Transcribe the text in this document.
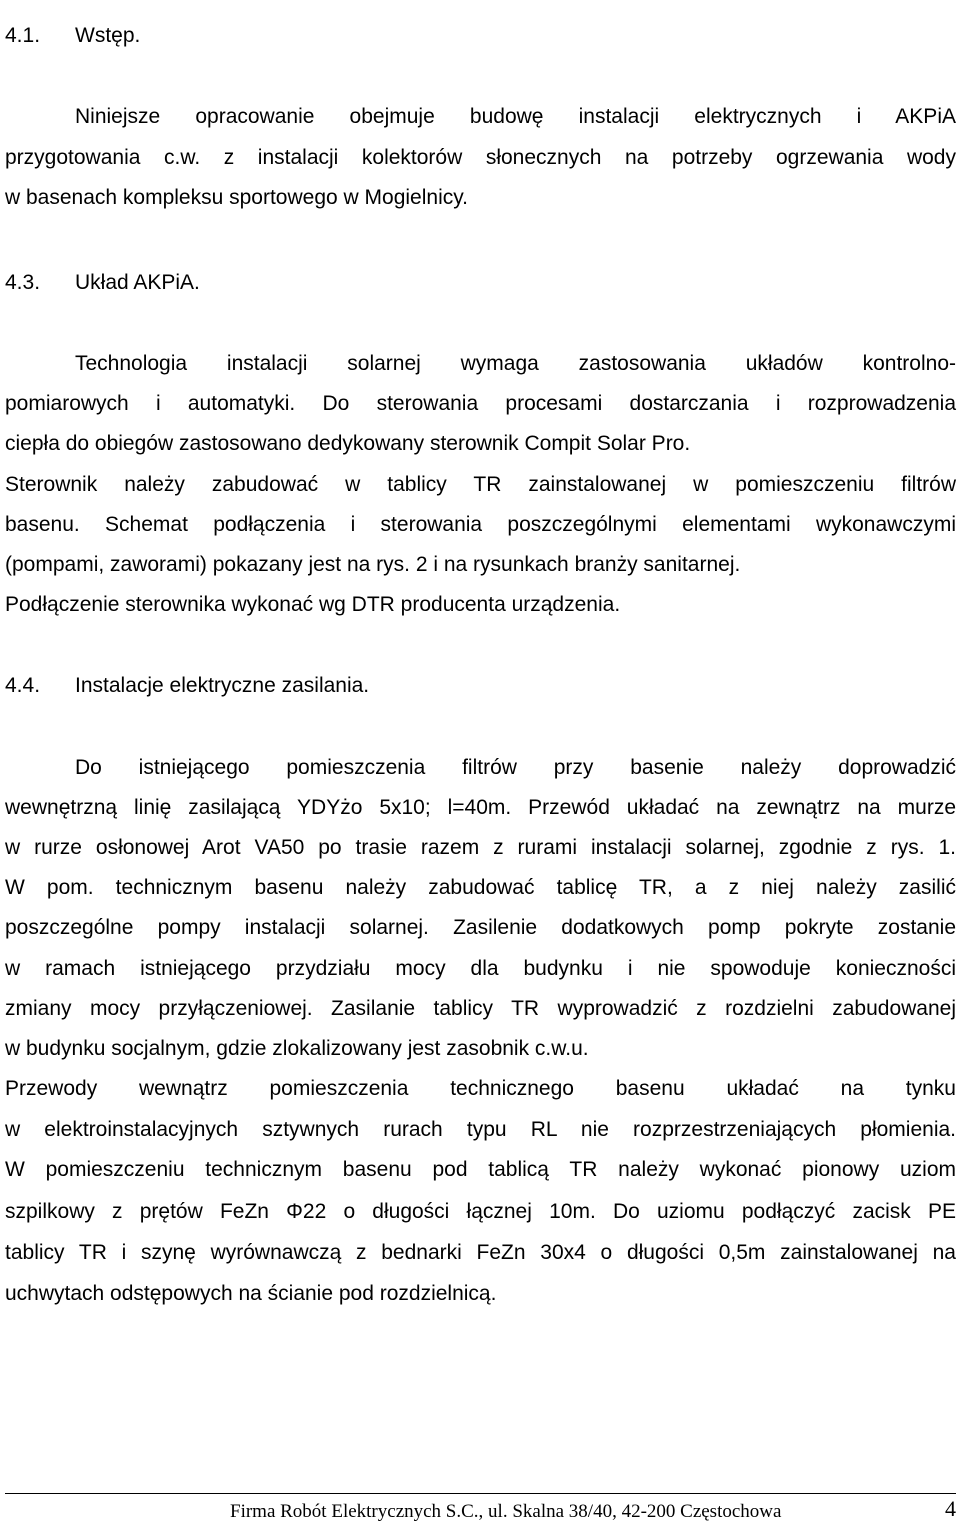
4.1. Wstęp.
Niniejsze opracowanie obejmuje budowę instalacji elektrycznych i AKPiA
przygotowania c.w. z instalacji kolektorów słonecznych na potrzeby ogrzewania wody
w basenach kompleksu sportowego w Mogielnicy.
4.3. Układ AKPiA.
Technologia instalacji solarnej wymaga zastosowania układów kontrolno-
pomiarowych i automatyki. Do sterowania procesami dostarczania i rozprowadzenia
ciepła do obiegów zastosowano dedykowany sterownik Compit Solar Pro.
Sterownik należy zabudować w tablicy TR zainstalowanej w pomieszczeniu filtrów
basenu. Schemat podłączenia i sterowania poszczególnymi elementami wykonawczymi
(pompami, zaworami) pokazany jest na rys. 2 i na rysunkach branży sanitarnej.
Podłączenie sterownika wykonać wg DTR producenta urządzenia.
4.4. Instalacje elektryczne zasilania.
Do istniejącego pomieszczenia filtrów przy basenie należy doprowadzić
wewnętrzną linię zasilającą YDYżo 5x10; l=40m. Przewód układać na zewnątrz na murze
w rurze osłonowej Arot VA50 po trasie razem z rurami instalacji solarnej, zgodnie z rys. 1.
W pom. technicznym basenu należy zabudować tablicę TR, a z niej należy zasilić
poszczególne pompy instalacji solarnej. Zasilenie dodatkowych pomp pokryte zostanie
w ramach istniejącego przydziału mocy dla budynku i nie spowoduje konieczności
zmiany mocy przyłączeniowej. Zasilanie tablicy TR wyprowadzić z rozdzielni zabudowanej
w budynku socjalnym, gdzie zlokalizowany jest zasobnik c.w.u.
Przewody wewnątrz pomieszczenia technicznego basenu układać na tynku
w elektroinstalacyjnych sztywnych rurach typu RL nie rozprzestrzeniających płomienia.
W pomieszczeniu technicznym basenu pod tablicą TR należy wykonać pionowy uziom
szpilkowy z prętów FeZn Φ22 o długości łącznej 10m. Do uziomu podłączyć zacisk PE
tablicy TR i szynę wyrównawczą z bednarki FeZn 30x4 o długości 0,5m zainstalowanej na
uchwytach odstępowych na ścianie pod rozdzielnicą.
Firma Robót Elektrycznych S.C., ul. Skalna 38/40, 42-200 Częstochowa	4
